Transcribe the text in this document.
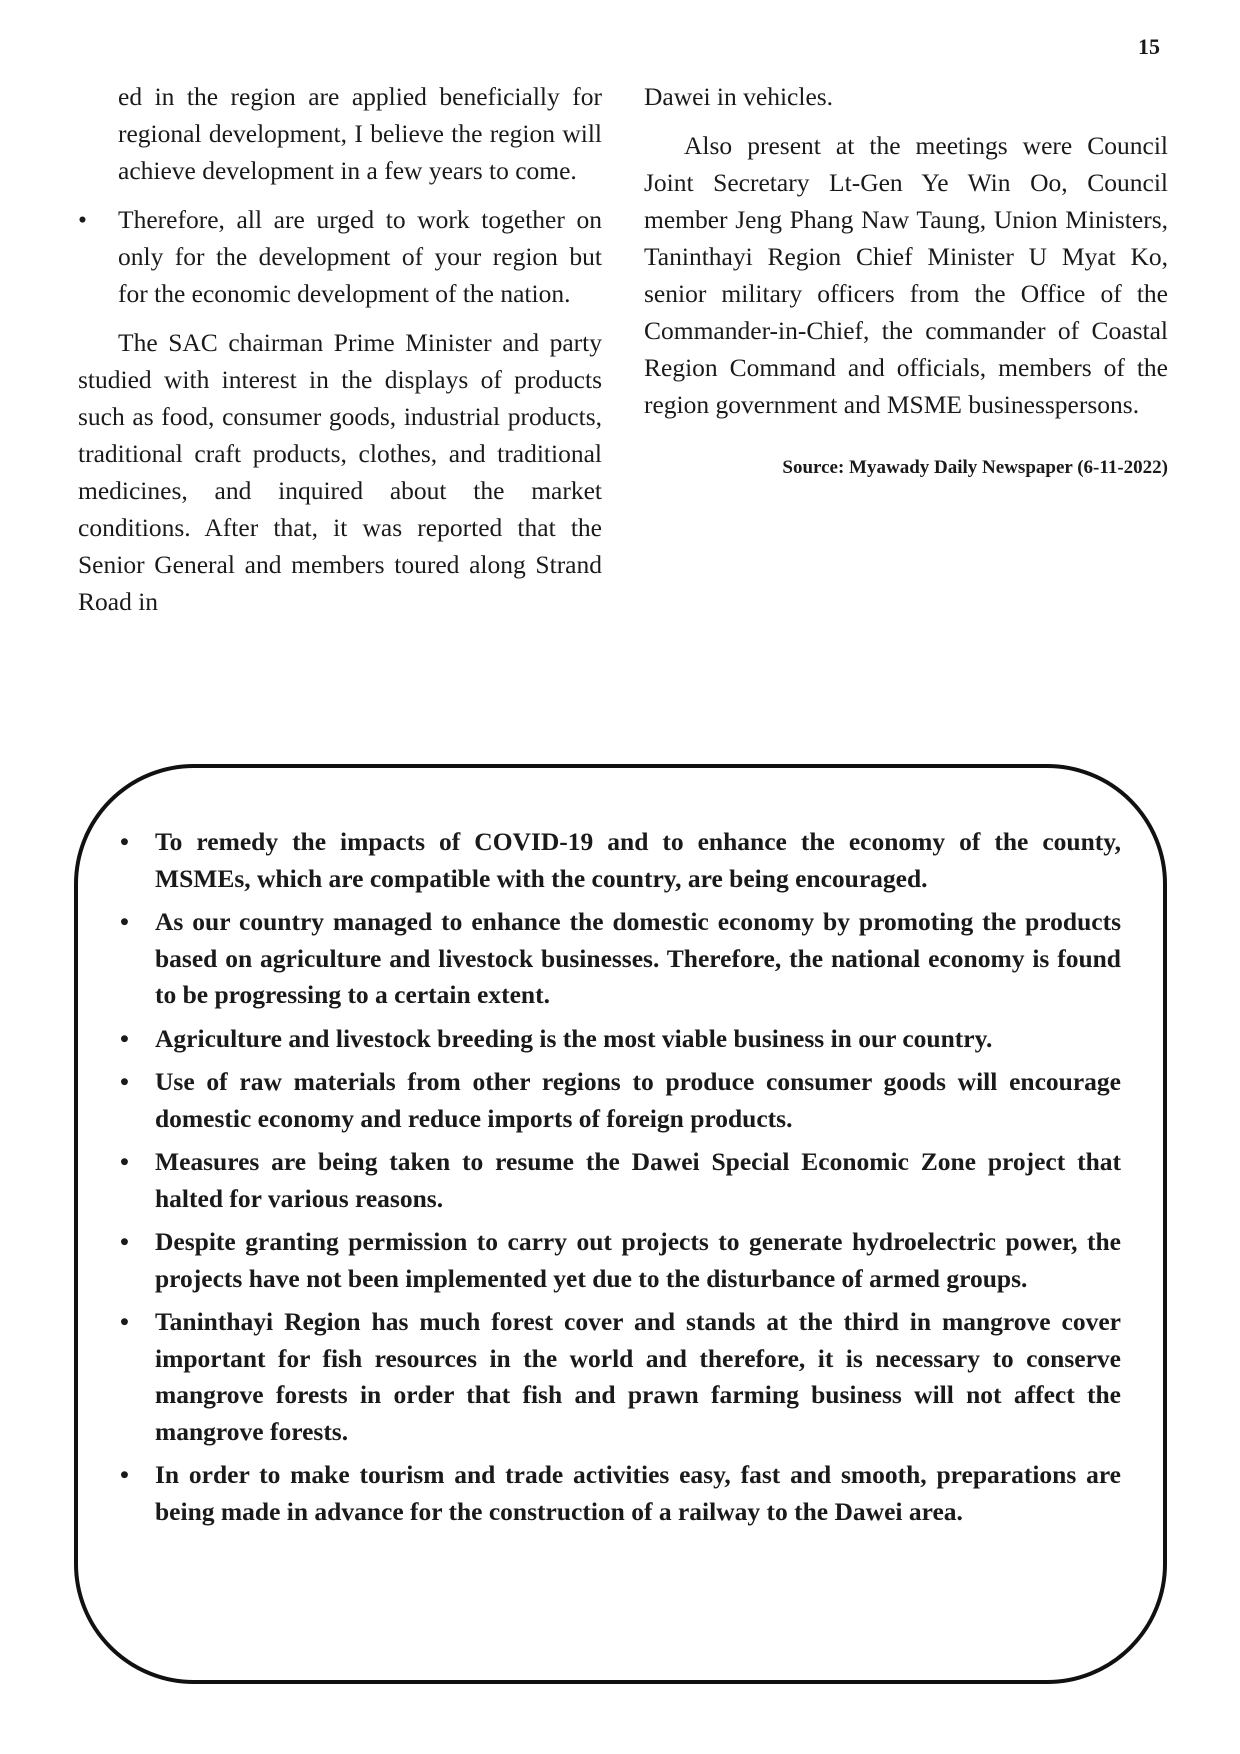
15

ed in the region are applied beneficially for regional development, I believe the region will achieve development in a few years to come.

• Therefore, all are urged to work together on only for the development of your region but for the economic development of the nation.

The SAC chairman Prime Minister and party studied with interest in the displays of products such as food, consumer goods, industrial products, traditional craft products, clothes, and traditional medicines, and inquired about the market conditions. After that, it was reported that the Senior General and members toured along Strand Road in

Dawei in vehicles.

Also present at the meetings were Council Joint Secretary Lt-Gen Ye Win Oo, Council member Jeng Phang Naw Taung, Union Ministers, Taninthayi Region Chief Minister U Myat Ko, senior military officers from the Office of the Commander-in-Chief, the commander of Coastal Region Command and officials, members of the region government and MSME businesspersons.

Source: Myawady Daily Newspaper (6-11-2022)
• To remedy the impacts of COVID-19 and to enhance the economy of the county, MSMEs, which are compatible with the country, are being encouraged.
• As our country managed to enhance the domestic economy by promoting the products based on agriculture and livestock businesses. Therefore, the national economy is found to be progressing to a certain extent.
• Agriculture and livestock breeding is the most viable business in our country.
• Use of raw materials from other regions to produce consumer goods will encourage domestic economy and reduce imports of foreign products.
• Measures are being taken to resume the Dawei Special Economic Zone project that halted for various reasons.
• Despite granting permission to carry out projects to generate hydroelectric power, the projects have not been implemented yet due to the disturbance of armed groups.
• Taninthayi Region has much forest cover and stands at the third in mangrove cover important for fish resources in the world and therefore, it is necessary to conserve mangrove forests in order that fish and prawn farming business will not affect the mangrove forests.
• In order to make tourism and trade activities easy, fast and smooth, preparations are being made in advance for the construction of a railway to the Dawei area.
